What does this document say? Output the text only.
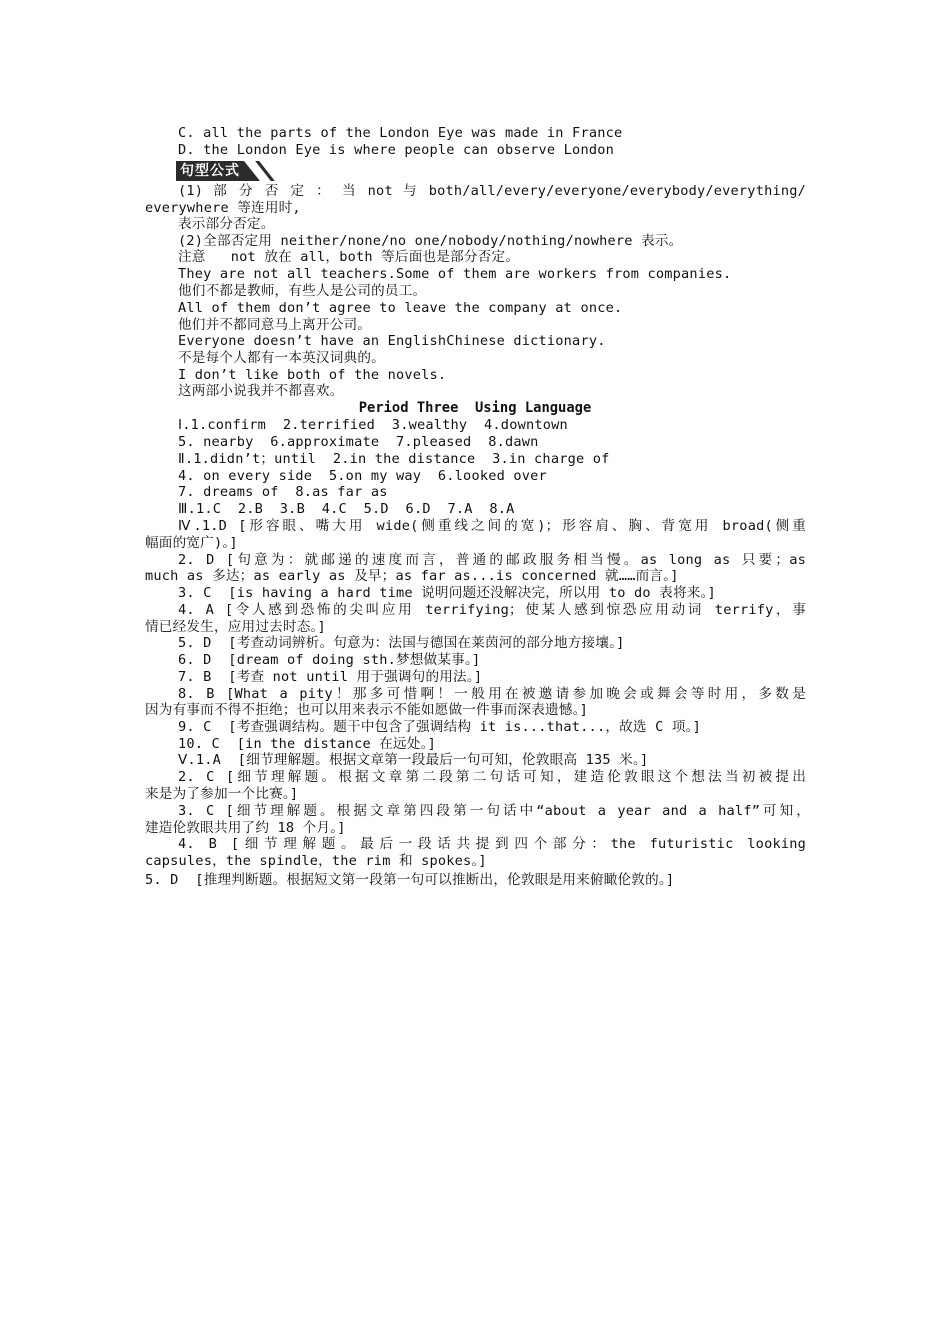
C. all the parts of the London Eye was made in France
D. the London Eye is where people can observe London
句型公式
(1) 部 分 否 定 ： 当 not 与 both/all/every/everyone/everybody/everything/
everywhere 等连用时,
表示部分否定。
(2)全部否定用 neither/none/no one/nobody/nothing/nowhere 表示。
注意   not 放在 all，both 等后面也是部分否定。
They are not all teachers.Some of them are workers from companies.
他们不都是教师，有些人是公司的员工。
All of them don’t agree to leave the company at once.
他们并不都同意马上离开公司。
Everyone doesn’t have an EnglishChinese dictionary.
不是每个人都有一本英汉词典的。
I don’t like both of the novels.
这两部小说我并不都喜欢。
Period Three  Using Language
Ⅰ.1.confirm  2.terrified  3.wealthy  4.downtown
5. nearby  6.approximate  7.pleased  8.dawn
Ⅱ.1.didn’t；until  2.in the distance  3.in charge of
4. on every side  5.on my way  6.looked over
7. dreams of  8.as far as
Ⅲ.1.C  2.B  3.B  4.C  5.D  6.D  7.A  8.A
Ⅳ.1.D [形容眼、嘴大用 wide(侧重线之间的宽)；形容肩、胸、背宽用 broad(侧重
幅面的宽广)。]
2. D [句意为：就邮递的速度而言，普通的邮政服务相当慢。as long as 只要；as
much as 多达；as early as 及早；as far as...is concerned 就……而言。]
3. C  [is having a hard time 说明问题还没解决完，所以用 to do 表将来。]
4. A [令人感到恐怖的尖叫应用 terrifying；使某人感到惊恐应用动词 terrify，事
情已经发生，应用过去时态。]
5. D  [考查动词辨析。句意为：法国与德国在莱茵河的部分地方接壤。]
6. D  [dream of doing sth.梦想做某事。]
7. B  [考查 not until 用于强调句的用法。]
8. B [What a pity！那多可惜啊！一般用在被邀请参加晚会或舞会等时用，多数是
因为有事而不得不拒绝；也可以用来表示不能如愿做一件事而深表遗憾。]
9. C  [考查强调结构。题干中包含了强调结构 it is...that...，故选 C 项。]
10. C  [in the distance 在远处。]
Ⅴ.1.A  [细节理解题。根据文章第一段最后一句可知，伦敦眼高 135 米。]
2. C [细节理解题。根据文章第二段第二句话可知，建造伦敦眼这个想法当初被提出
来是为了参加一个比赛。]
3. C [细节理解题。根据文章第四段第一句话中“about a year and a half”可知，
建造伦敦眼共用了约 18 个月。]
4. B [细节理解题。最后一段话共提到四个部分：the futuristic looking
capsules，the spindle，the rim 和 spokes。]
5. D  [推理判断题。根据短文第一段第一句可以推断出，伦敦眼是用来俯瞰伦敦的。]
